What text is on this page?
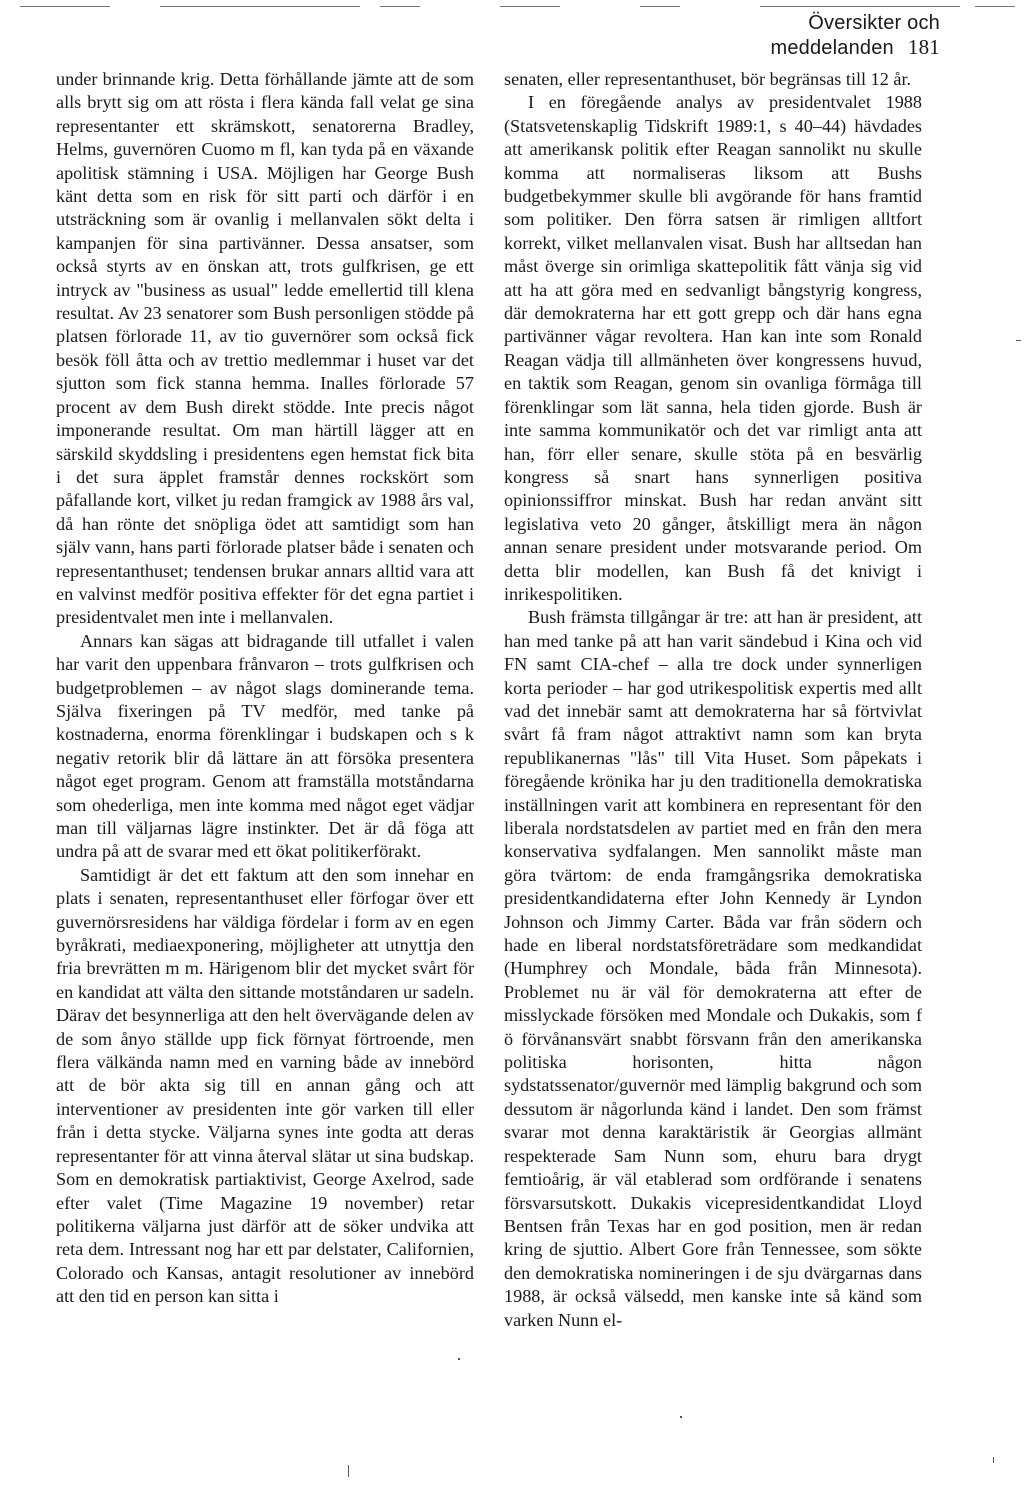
Översikter och meddelanden 181

under brinnande krig. Detta förhållande jämte att de som alls brytt sig om att rösta i flera kända fall velat ge sina representanter ett skrämskott, senatorerna Bradley, Helms, guvernören Cuomo m fl, kan tyda på en växande apolitisk stämning i USA. Möjligen har George Bush känt detta som en risk för sitt parti och därför i en utsträckning som är ovanlig i mellanvalen sökt delta i kampanjen för sina partivänner. Dessa ansatser, som också styrts av en önskan att, trots gulfkrisen, ge ett intryck av "business as usual" ledde emellertid till klena resultat. Av 23 senatorer som Bush personligen stödde på platsen förlorade 11, av tio guvernörer som också fick besök föll åtta och av trettio medlemmar i huset var det sjutton som fick stanna hemma. Inalles förlorade 57 procent av dem Bush direkt stödde. Inte precis något imponerande resultat. Om man härtill lägger att en särskild skyddsling i presidentens egen hemstat fick bita i det sura äpplet framstår dennes rockskört som påfallande kort, vilket ju redan framgick av 1988 års val, då han rönte det snöpliga ödet att samtidigt som han själv vann, hans parti förlorade platser både i senaten och representanthuset; tendensen brukar annars alltid vara att en valvinst medför positiva effekter för det egna partiet i presidentvalet men inte i mellanvalen.

Annars kan sägas att bidragande till utfallet i valen har varit den uppenbara frånvaron – trots gulfkrisen och budgetproblemen – av något slags dominerande tema. Själva fixeringen på TV medför, med tanke på kostnaderna, enorma förenklingar i budskapen och s k negativ retorik blir då lättare än att försöka presentera något eget program. Genom att framställa motståndarna som ohederliga, men inte komma med något eget vädjar man till väljarnas lägre instinkter. Det är då föga att undra på att de svarar med ett ökat politikerförakt.

Samtidigt är det ett faktum att den som innehar en plats i senaten, representanthuset eller förfogar över ett guvernörsresidens har väldiga fördelar i form av en egen byråkrati, mediaexponering, möjligheter att utnyttja den fria brevrätten m m. Härigenom blir det mycket svårt för en kandidat att välta den sittande motståndaren ur sadeln. Därav det besynnerliga att den helt övervägande delen av de som ånyo ställde upp fick förnyat förtroende, men flera välkända namn med en varning både av innebörd att de bör akta sig till en annan gång och att interventioner av presidenten inte gör varken till eller från i detta stycke. Väljarna synes inte godta att deras representanter för att vinna återval slätar ut sina budskap. Som en demokratisk partiaktivist, George Axelrod, sade efter valet (Time Magazine 19 november) retar politikerna väljarna just därför att de söker undvika att reta dem. Intressant nog har ett par delstater, Californien, Colorado och Kansas, antagit resolutioner av innebörd att den tid en person kan sitta i

senaten, eller representanthuset, bör begränsas till 12 år.

I en föregående analys av presidentvalet 1988 (Statsvetenskaplig Tidskrift 1989:1, s 40–44) hävdades att amerikansk politik efter Reagan sannolikt nu skulle komma att normaliseras liksom att Bushs budgetbekymmer skulle bli avgörande för hans framtid som politiker. Den förra satsen är rimligen alltfort korrekt, vilket mellanvalen visat. Bush har alltsedan han måst överge sin orimliga skattepolitik fått vänja sig vid att ha att göra med en sedvanligt bångstyrig kongress, där demokraterna har ett gott grepp och där hans egna partivänner vågar revoltera. Han kan inte som Ronald Reagan vädja till allmänheten över kongressens huvud, en taktik som Reagan, genom sin ovanliga förmåga till förenklingar som lät sanna, hela tiden gjorde. Bush är inte samma kommunikatör och det var rimligt anta att han, förr eller senare, skulle stöta på en besvärlig kongress så snart hans synnerligen positiva opinionssiffror minskat. Bush har redan använt sitt legislativa veto 20 gånger, åtskilligt mera än någon annan senare president under motsvarande period. Om detta blir modellen, kan Bush få det knivigt i inrikespolitiken.

Bush främsta tillgångar är tre: att han är president, att han med tanke på att han varit sändebud i Kina och vid FN samt CIA-chef – alla tre dock under synnerligen korta perioder – har god utrikespolitisk expertis med allt vad det innebär samt att demokraterna har så förtvivlat svårt få fram något attraktivt namn som kan bryta republikanernas "lås" till Vita Huset. Som påpekats i föregående krönika har ju den traditionella demokratiska inställningen varit att kombinera en representant för den liberala nordstatsdelen av partiet med en från den mera konservativa sydfalangen. Men sannolikt måste man göra tvärtom: de enda framgångsrika demokratiska presidentkandidaterna efter John Kennedy är Lyndon Johnson och Jimmy Carter. Båda var från södern och hade en liberal nordstatsföreträdare som medkandidat (Humphrey och Mondale, båda från Minnesota). Problemet nu är väl för demokraterna att efter de misslyckade försöken med Mondale och Dukakis, som f ö förvånansvärt snabbt försvann från den amerikanska politiska horisonten, hitta någon sydstatssenator/guvernör med lämplig bakgrund och som dessutom är någorlunda känd i landet. Den som främst svarar mot denna karaktäristik är Georgias allmänt respekterade Sam Nunn som, ehuru bara drygt femtioårig, är väl etablerad som ordförande i senatens försvarsutskott. Dukakis vicepresidentkandidat Lloyd Bentsen från Texas har en god position, men är redan kring de sjuttio. Albert Gore från Tennessee, som sökte den demokratiska nomineringen i de sju dvärgarnas dans 1988, är också välsedd, men kanske inte så känd som varken Nunn el-
